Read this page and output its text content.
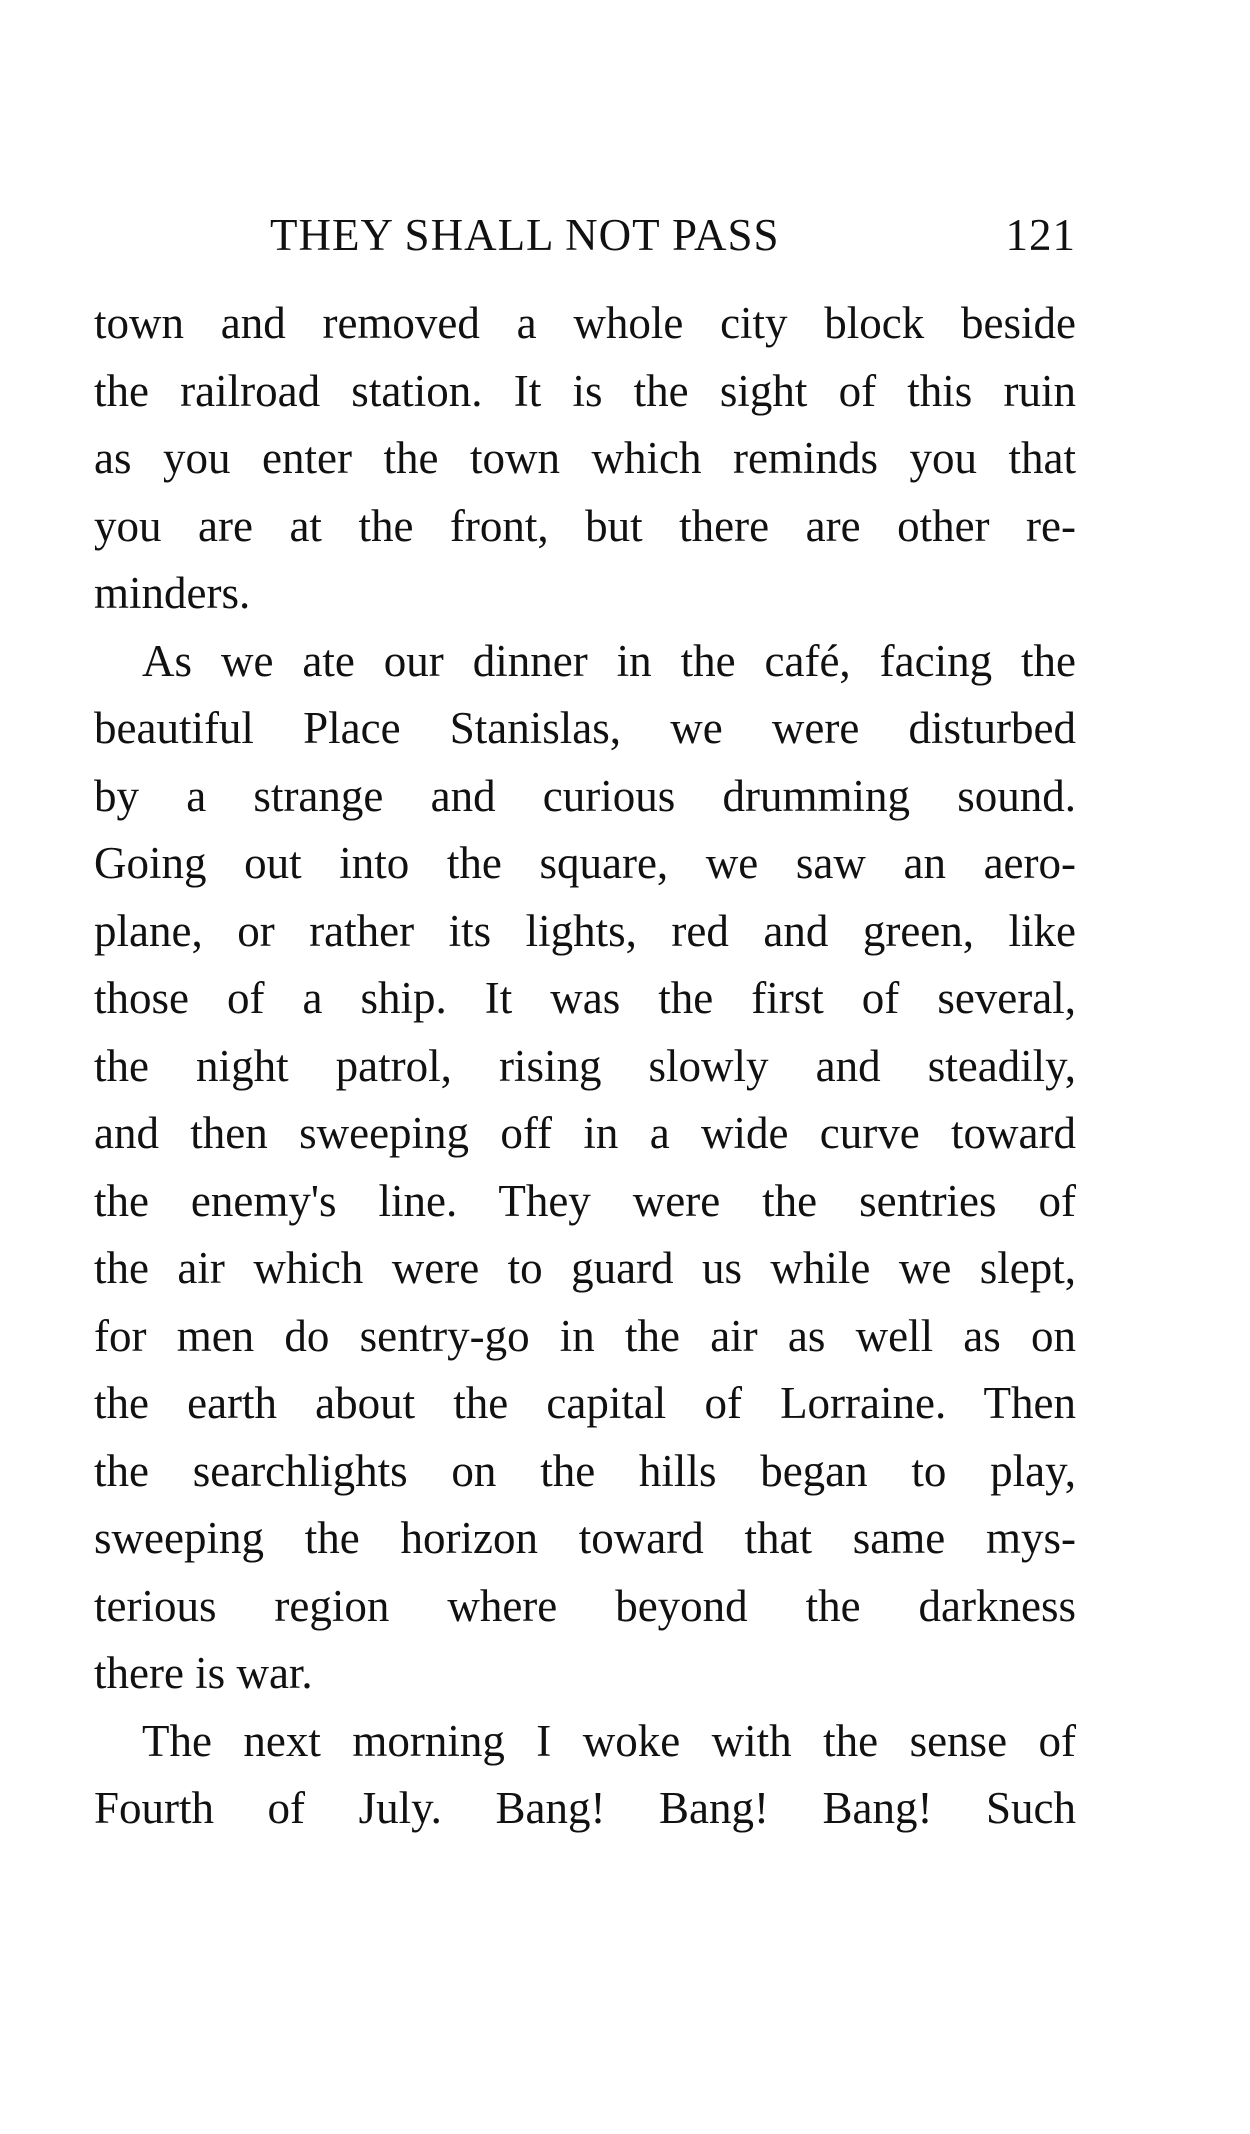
THEY SHALL NOT PASS	121
town and removed a whole city block beside
the railroad station. It is the sight of this ruin
as you enter the town which reminds you that
you are at the front, but there are other re-
minders.
As we ate our dinner in the café, facing the
beautiful Place Stanislas, we were disturbed
by a strange and curious drumming sound.
Going out into the square, we saw an aero-
plane, or rather its lights, red and green, like
those of a ship. It was the first of several,
the night patrol, rising slowly and steadily,
and then sweeping off in a wide curve toward
the enemy's line. They were the sentries of
the air which were to guard us while we slept,
for men do sentry-go in the air as well as on
the earth about the capital of Lorraine. Then
the searchlights on the hills began to play,
sweeping the horizon toward that same mys-
terious region where beyond the darkness
there is war.
The next morning I woke with the sense of
Fourth of July. Bang! Bang! Bang! Such
